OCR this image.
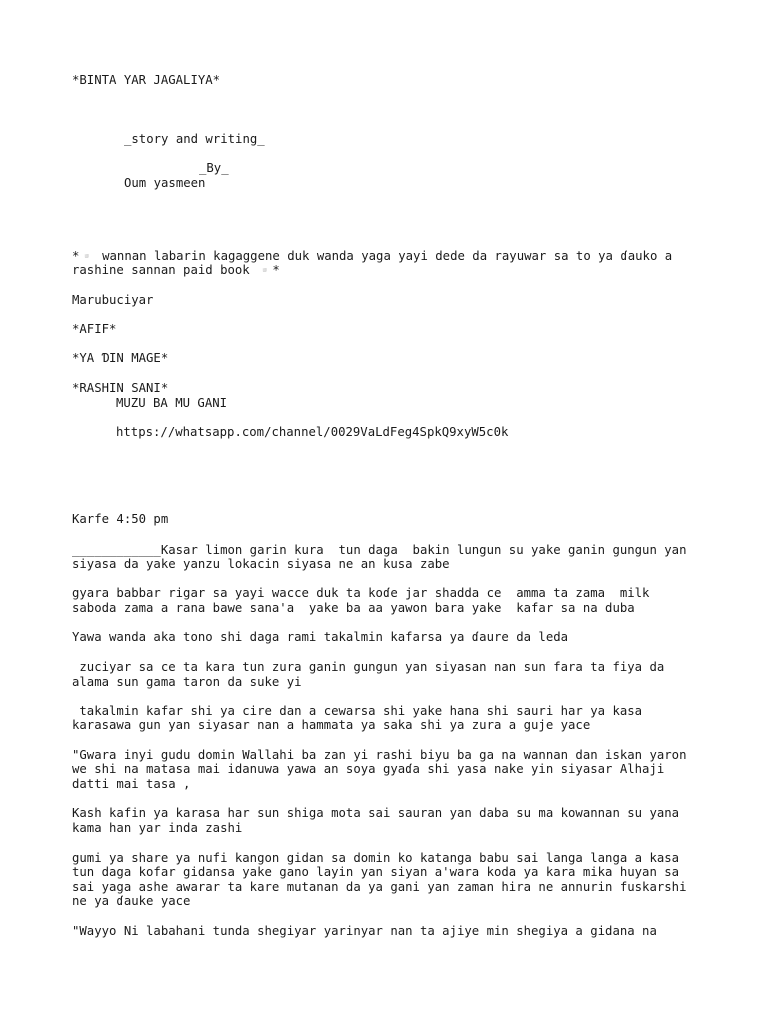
*BINTA YAR JAGALIYA*

_story and writing_

_By_

Oum yasmeen

*▫️ wannan labarin kagaggene duk wanda yaga yayi dede da rayuwar sa to ya ɗauko a

rashine sannan paid book ▫️*

Marubuciyar

*AFIF*

*YA ƊIN MAGE*

*RASHIN SANI*

MUZU BA MU GANI

https://whatsapp.com/channel/0029VaLdFeg4SpkQ9xyW5c0k

Karfe 4:50 pm

____________Kasar limon garin kura  tun daga  bakin lungun su yake ganin gungun yan

siyasa da yake yanzu lokacin siyasa ne an kusa zabe

gyara babbar rigar sa yayi wacce duk ta koɗe jar shadda ce  amma ta zama  milk

saboda zama a rana bawe sana'a  yake ba aa yawon bara yake  kafar sa na duba

Yawa wanda aka tono shi daga rami takalmin kafarsa ya ɗaure da leda

zuciyar sa ce ta kara tun zura ganin gungun yan siyasan nan sun fara ta fiya da

alama sun gama taron da suke yi

takalmin kafar shi ya cire dan a cewarsa shi yake hana shi sauri har ya kasa

karasawa gun yan siyasar nan a hammata ya saka shi ya zura a guje yace

"Gwara inyi gudu domin Wallahi ba zan yi rashi biyu ba ga na wannan dan iskan yaron

we shi na matasa mai idanuwa yawa an soya gyaɗa shi yasa nake yin siyasar Alhaji

datti mai tasa ,

Kash kafin ya karasa har sun shiga mota sai sauran yan daba su ma kowannan su yana

kama han yar inda zashi

gumi ya share ya nufi kangon gidan sa domin ko katanga babu sai langa langa a kasa

tun daga kofar gidansa yake gano layin yan siyan a'wara koda ya kara mika huyan sa

sai yaga ashe awarar ta kare mutanan da ya gani yan zaman hira ne annurin fuskarshi

ne ya ɗauke yace

"Wayyo Ni labahani tunda shegiyar yarinyar nan ta ajiye min shegiya a gidana na
